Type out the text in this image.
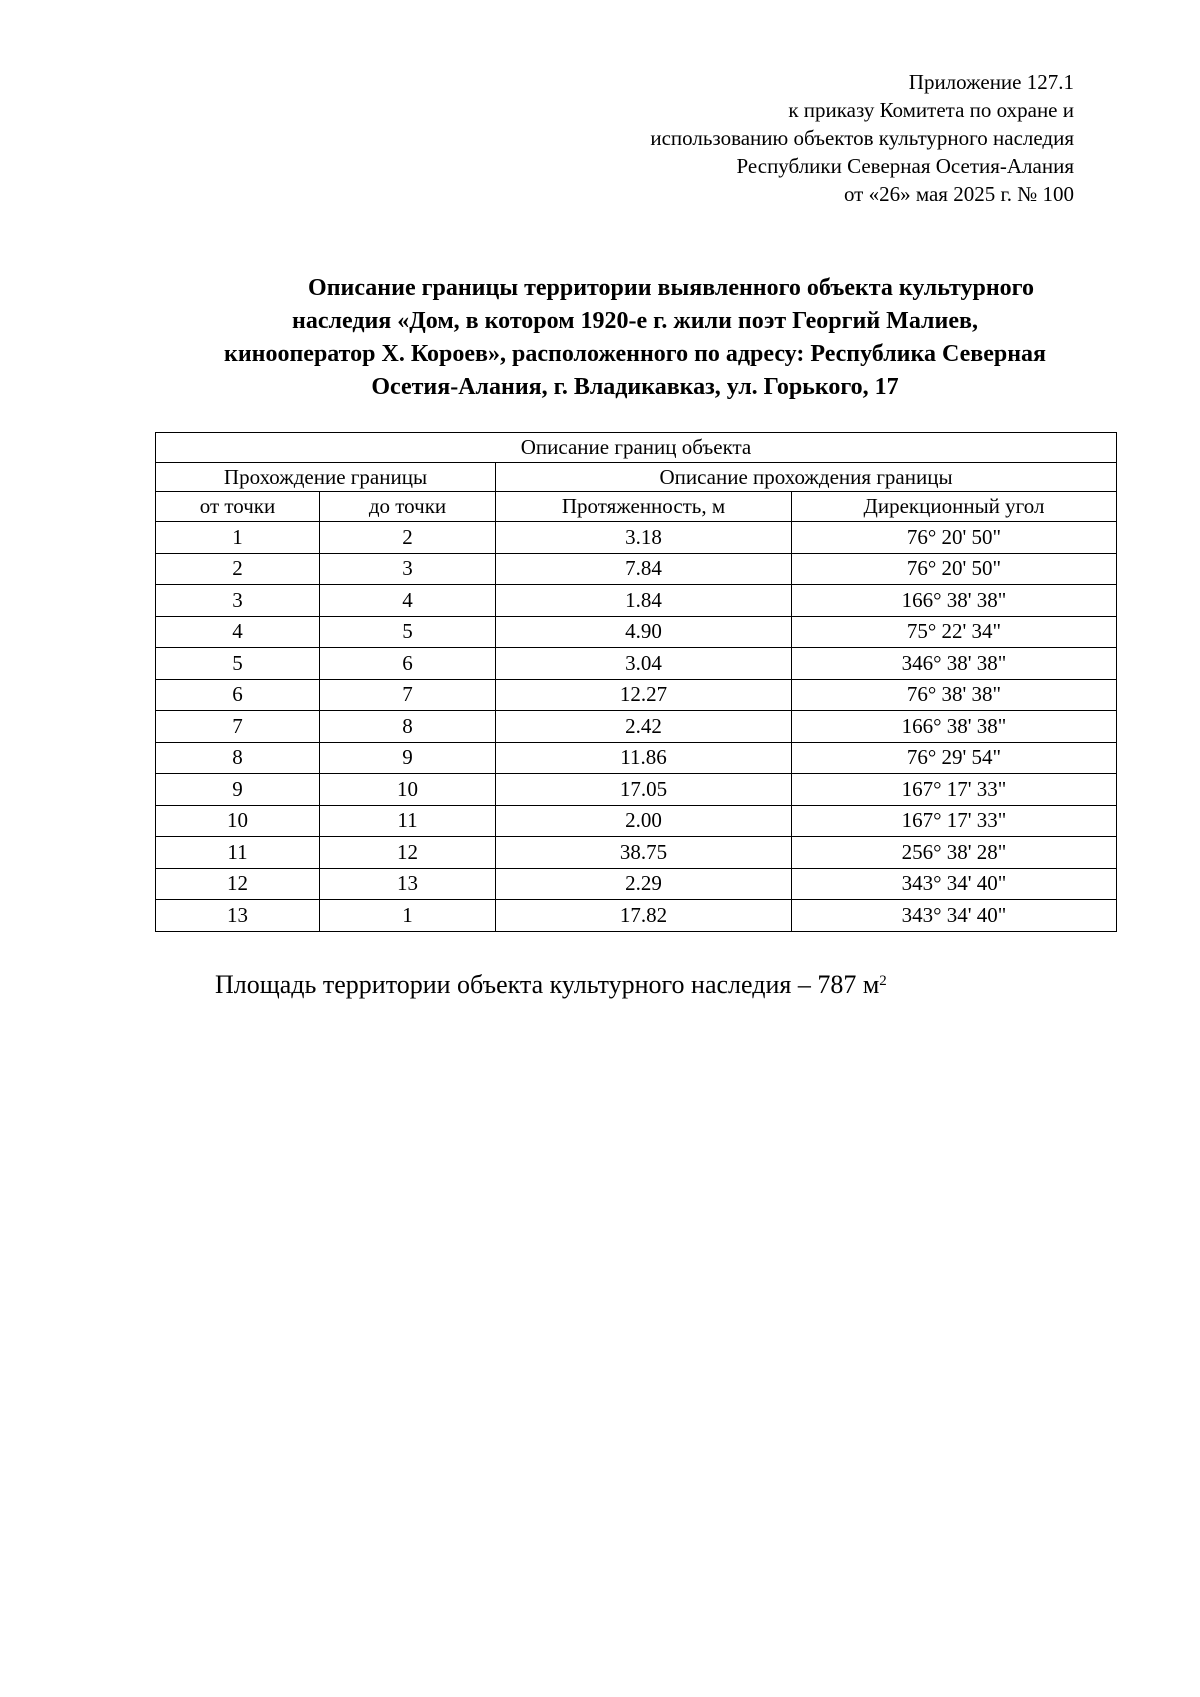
Приложение 127.1
к приказу Комитета по охране и
использованию объектов культурного наследия
Республики Северная Осетия-Алания
от «26» мая 2025 г. № 100
Описание границы территории выявленного объекта культурного
наследия «Дом, в котором 1920-е г. жили поэт Георгий Малиев,
кинооператор Х. Короев», расположенного по адресу: Республика Северная
Осетия-Алания, г. Владикавказ, ул. Горького, 17
Описание границ объекта			
Прохождение границы		Описание прохождения границы	
от точки	до точки	Протяженность, м	Дирекционный угол
1	2	3.18	76° 20' 50"
2	3	7.84	76° 20' 50"
3	4	1.84	166° 38' 38"
4	5	4.90	75° 22' 34"
5	6	3.04	346° 38' 38"
6	7	12.27	76° 38' 38"
7	8	2.42	166° 38' 38"
8	9	11.86	76° 29' 54"
9	10	17.05	167° 17' 33"
10	11	2.00	167° 17' 33"
11	12	38.75	256° 38' 28"
12	13	2.29	343° 34' 40"
13	1	17.82	343° 34' 40"
Площадь территории объекта культурного наследия – 787 $м^2$
